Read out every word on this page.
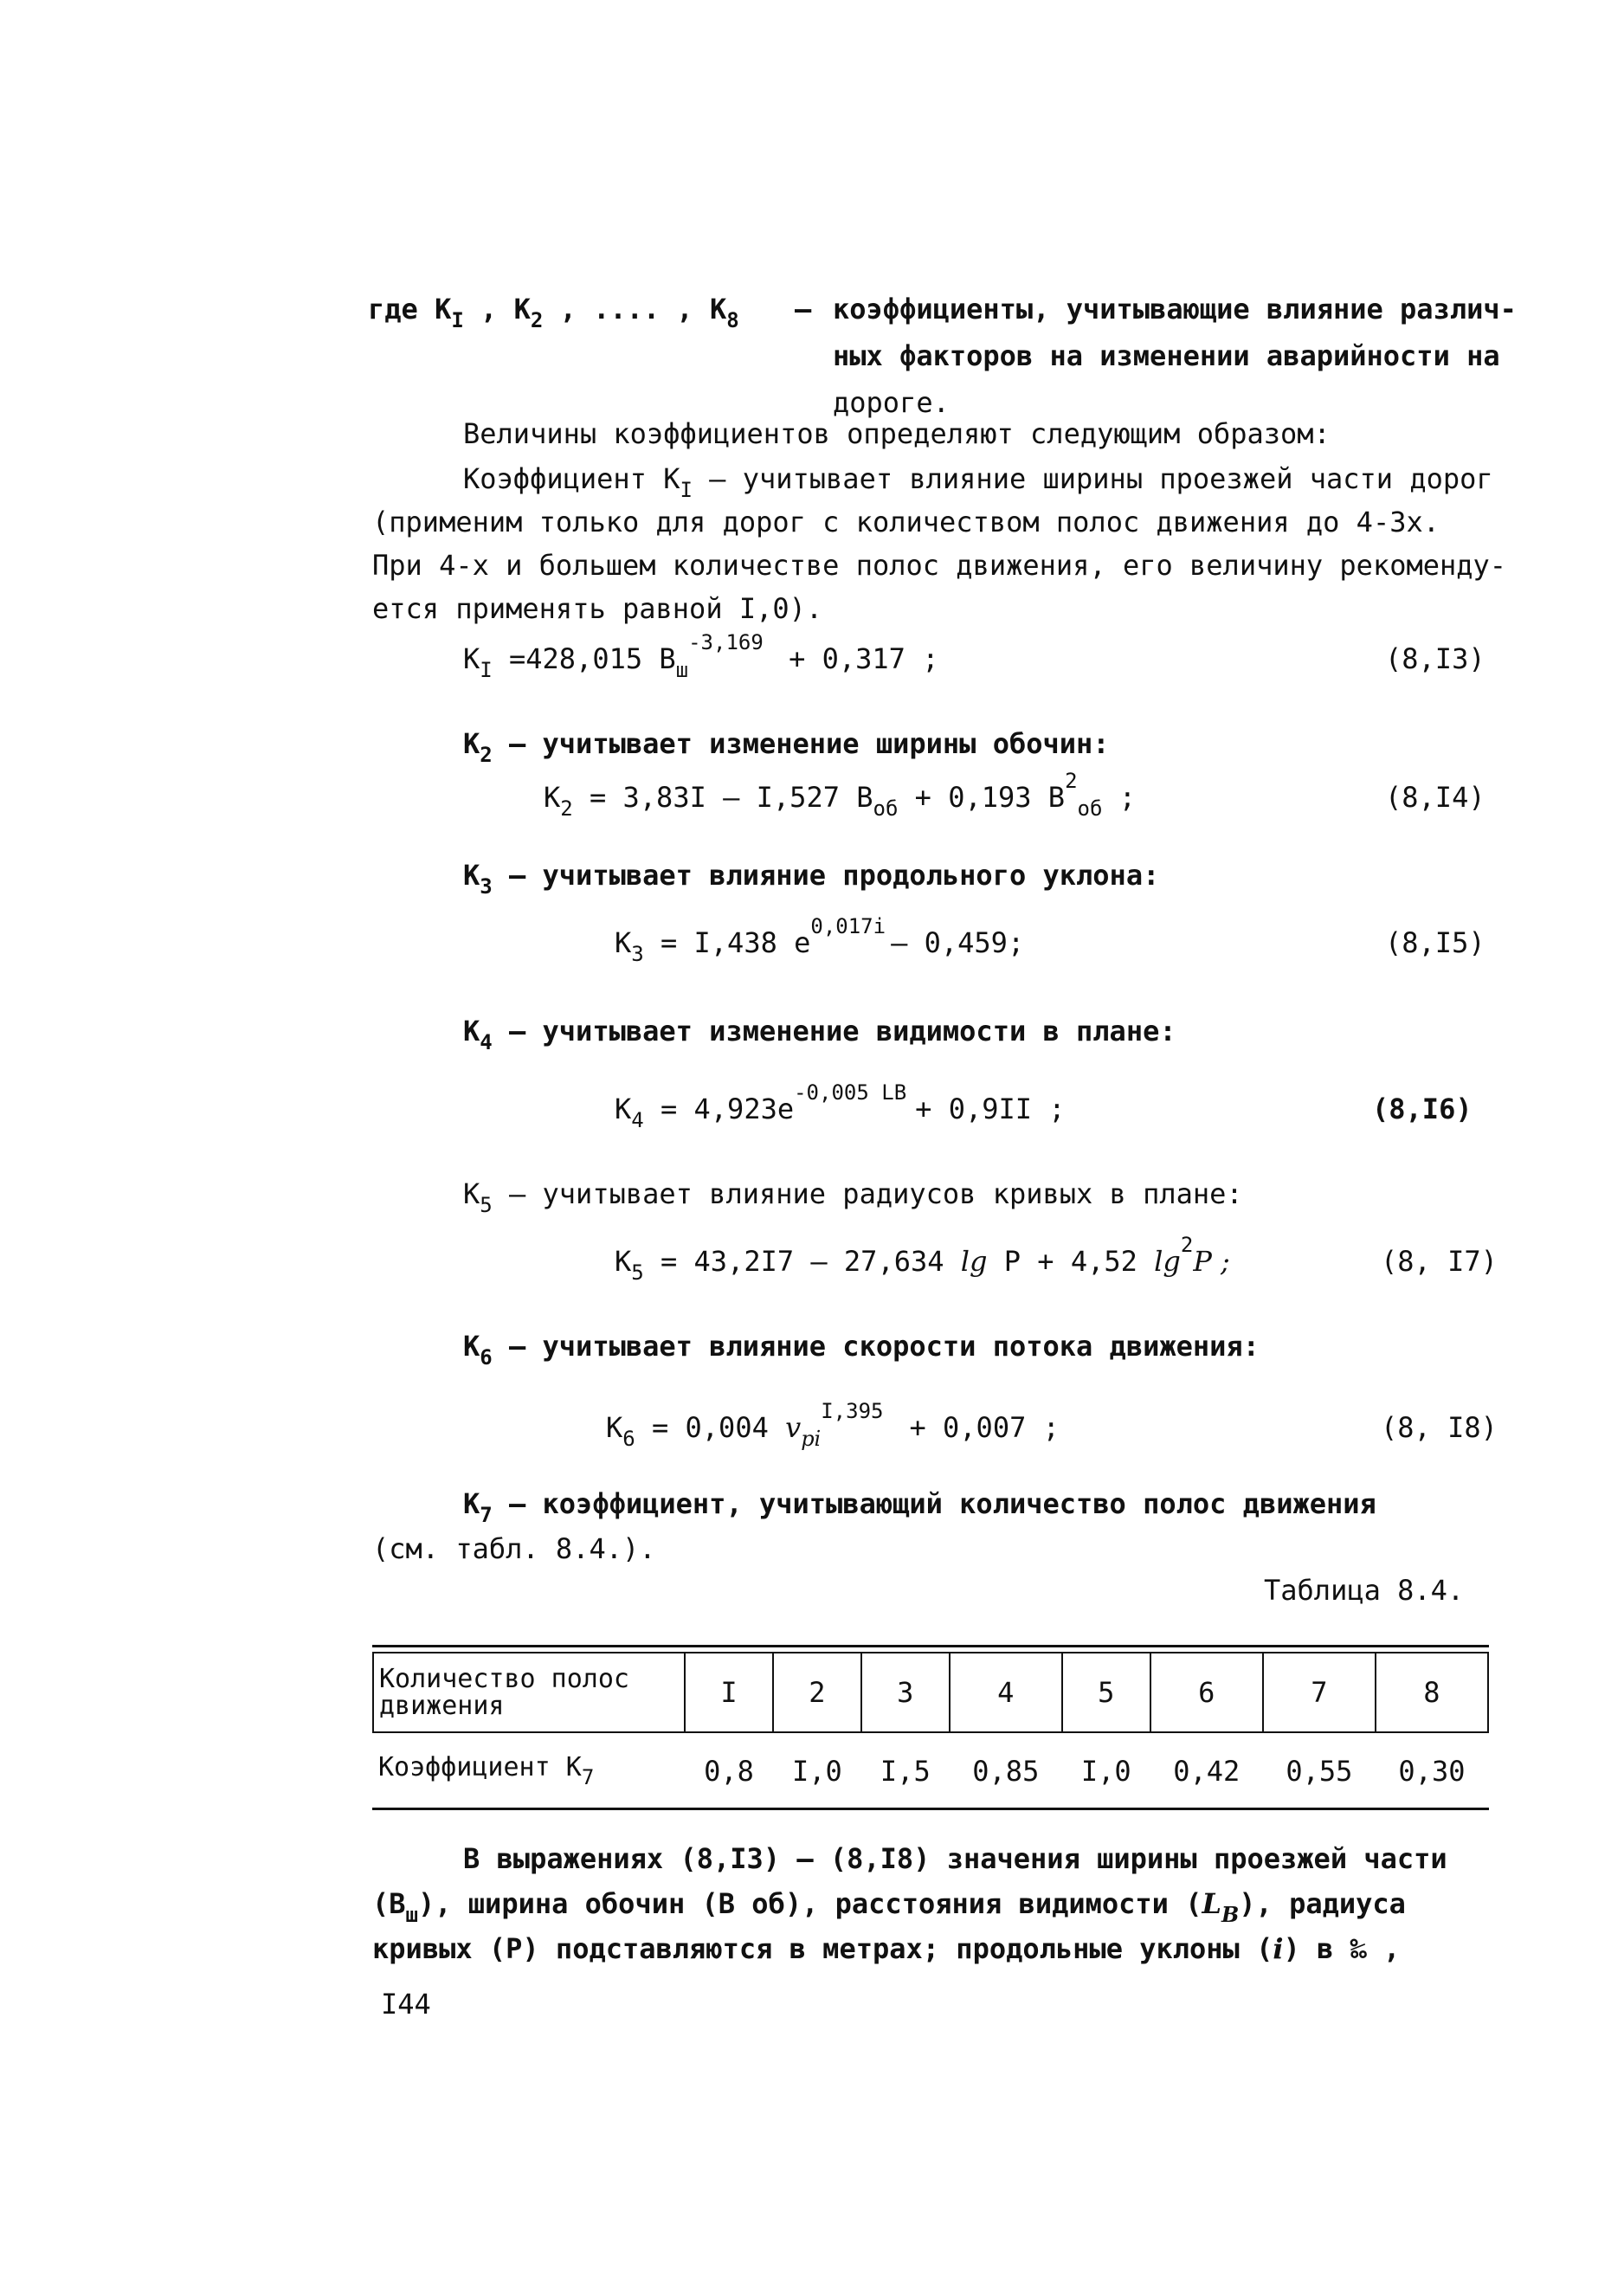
где $К_I$ , $К_2$ , .... , $К_8$ – коэффициенты, учитывающие влияние различ-
ных факторов на изменении аварийности на
дороге.
Величины коэффициентов определяют следующим образом:
Коэффициент $К_I$ – учитывает влияние ширины проезжей части дорог
(применим только для дорог с количеством полос движения до 4-3х.
При 4-х и большем количестве полос движения, его величину рекоменду-
ется применять равной I,0).
$К_I =428,015$ $В_ш^{-3,169} + 0,317$ ;	(8,I3)
$К_2$ – учитывает изменение ширины обочин:
$К_2 = 3,83I - I,527$ $В_{об} + 0,193$ $В^2_{об}$ ;	(8,I4)
$К_3$ – учитывает влияние продольного уклона:
$К_3 = I,438$ $е^{0,017i} - 0,459$;	(8,I5)
$К_4$ – учитывает изменение видимости в плане:
$К_4 = 4,923е^{-0,005 LВ} + 0,9II$ ;	(8,I6)
$К_5$ – учитывает влияние радиусов кривых в плане:
$К_5 = 43,2I7 - 27,634$ lg Р + 4,52 $\lg^2Р$ ;	(8, I7)
$К_6$ – учитывает влияние скорости потока движения:
$К_6 = 0,004$ $v_{pi}^{I,395} + 0,007$ ;	(8, I8)
$К_7$ – коэффициент, учитывающий количество полос движения
(см. табл. 8.4.).
Таблица 8.4.
Количество полос движения	I	2	3	4	5	6	7	8
Коэффициент $К_7$	0,8	I,0	I,5	0,85	I,0	0,42	0,55	0,30
В выражениях (8,I3) – (8,I8) значения ширины проезжей части
$(В_ш)$, ширина обочин (В об), расстояния видимости $(L_В)$, радиуса
кривых (Р) подставляются в метрах; продольные уклоны (i) в ‰ ,
I44
